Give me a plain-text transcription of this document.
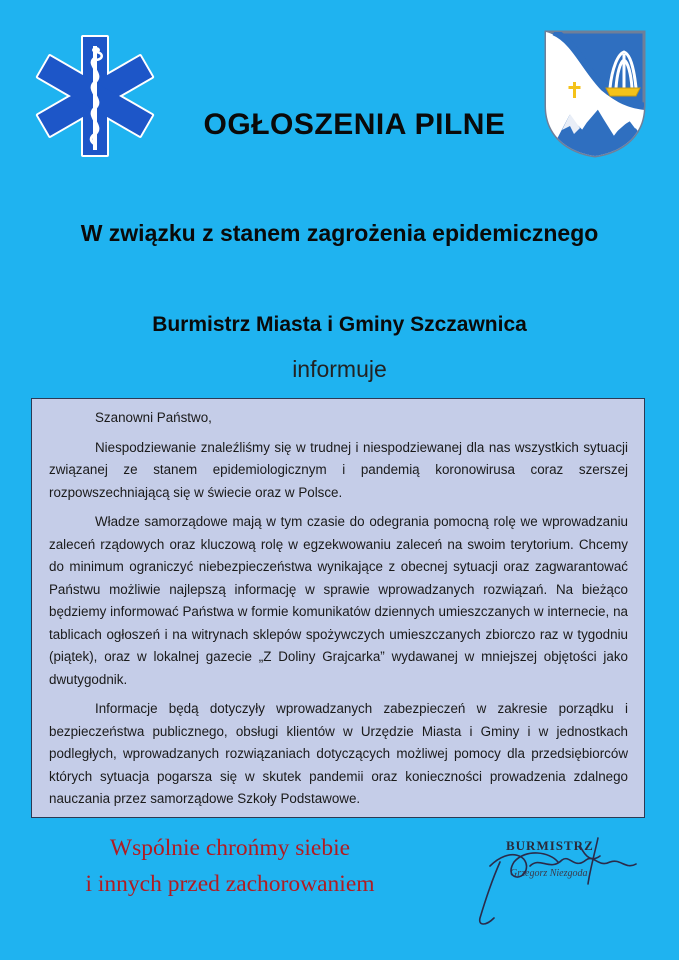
OGŁOSZENIA PILNE
W związku z stanem zagrożenia epidemicznego
Burmistrz Miasta i Gminy Szczawnica
informuje

Szanowni Państwo,

Niespodziewanie znaleźliśmy się w trudnej i niespodziewanej dla nas wszystkich sytuacji związanej ze stanem epidemiologicznym i pandemią koronowirusa coraz szerszej rozpowszechniającą się w świecie oraz w Polsce.

Władze samorządowe mają w tym czasie do odegrania pomocną rolę we wprowadzaniu zaleceń rządowych oraz kluczową rolę w egzekwowaniu zaleceń na swoim terytorium. Chcemy do minimum ograniczyć niebezpieczeństwa wynikające z obecnej sytuacji oraz zagwarantować Państwu możliwie najlepszą informację w sprawie wprowadzanych rozwiązań. Na bieżąco będziemy informować Państwa w formie komunikatów dziennych umieszczanych w internecie, na tablicach ogłoszeń i na witrynach sklepów spożywczych umieszczanych zbiorczo raz w tygodniu (piątek), oraz w lokalnej gazecie „Z Doliny Grajcarka” wydawanej w mniejszej objętości jako dwutygodnik.

Informacje będą dotyczyły wprowadzanych zabezpieczeń w zakresie porządku i bezpieczeństwa publicznego, obsługi klientów w Urzędzie Miasta i Gminy i w jednostkach podległych, wprowadzanych rozwiązaniach dotyczących możliwej pomocy dla przedsiębiorców których sytuacja pogarsza się w skutek pandemii oraz konieczności prowadzenia zdalnego nauczania przez samorządowe Szkoły Podstawowe.

Wspólnie chrońmy siebie
i innych przed zachorowaniem
BURMISTRZ
Grzegorz Niezgoda
